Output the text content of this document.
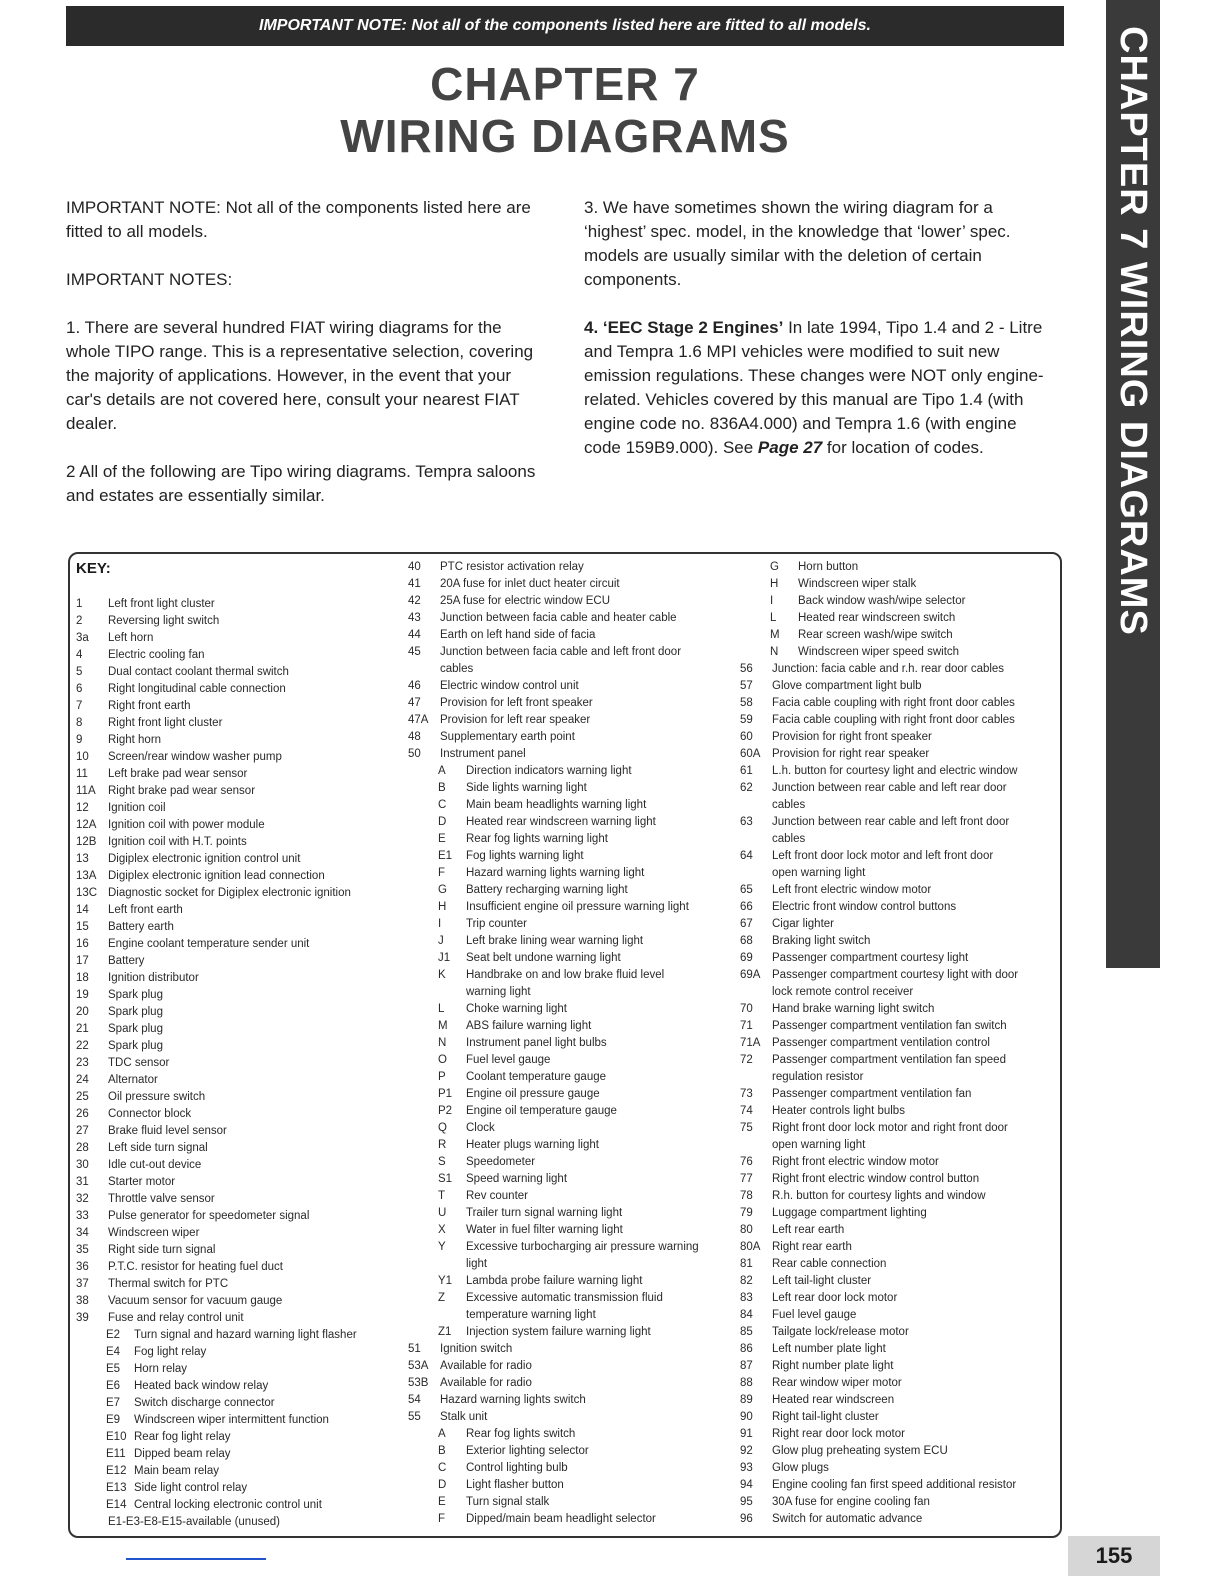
IMPORTANT NOTE: Not all of the components listed here are fitted to all models.
CHAPTER 7
WIRING DIAGRAMS	CHAPTER 7 WIRING DIAGRAMS

IMPORTANT NOTE: Not all of the components listed here are fitted to all models.

IMPORTANT NOTES:

1. There are several hundred FIAT wiring diagrams for the whole TIPO range. This is a representative selection, covering the majority of applications. However, in the event that your car's details are not covered here, consult your nearest FIAT dealer.

2 All of the following are Tipo wiring diagrams. Tempra saloons and estates are essentially similar.

3. We have sometimes shown the wiring diagram for a ‘highest’ spec. model, in the knowledge that ‘lower’ spec. models are usually similar with the deletion of certain components.

4. ‘EEC Stage 2 Engines’ In late 1994, Tipo 1.4 and 2 - Litre and Tempra 1.6 MPI vehicles were modified to suit new emission regulations. These changes were NOT only engine-related. Vehicles covered by this manual are Tipo 1.4 (with engine code no. 836A4.000) and Tempra 1.6 (with engine code 159B9.000). See Page 27 for location of codes.

KEY:
1	Left front light cluster
2	Reversing light switch
3a	Left horn
4	Electric cooling fan
5	Dual contact coolant thermal switch
6	Right longitudinal cable connection
7	Right front earth
8	Right front light cluster
9	Right horn
10	Screen/rear window washer pump
11	Left brake pad wear sensor
11A	Right brake pad wear sensor
12	Ignition coil
12A	Ignition coil with power module
12B	Ignition coil with H.T. points
13	Digiplex electronic ignition control unit
13A	Digiplex electronic ignition lead connection
13C Diagnostic socket for Digiplex electronic ignition
14	Left front earth
15	Battery earth
16	Engine coolant temperature sender unit
17	Battery
18	Ignition distributor
19	Spark plug
20	Spark plug
21	Spark plug
22	Spark plug
23	TDC sensor
24	Alternator
25	Oil pressure switch
26	Connector block
27	Brake fluid level sensor
28	Left side turn signal
30	Idle cut-out device
31	Starter motor
32	Throttle valve sensor
33	Pulse generator for speedometer signal
34	Windscreen wiper
35	Right side turn signal
36	P.T.C. resistor for heating fuel duct
37	Thermal switch for PTC
38	Vacuum sensor for vacuum gauge
39	Fuse and relay control unit
E2	Turn signal and hazard warning light flasher
E4	Fog light relay
E5	Horn relay
E6	Heated back window relay
E7	Switch discharge connector
E9	Windscreen wiper intermittent function
E10 Rear fog light relay
E11 Dipped beam relay
E12 Main beam relay
E13 Side light control relay
E14 Central locking electronic control unit
E1-E3-E8-E15-available (unused)
40	PTC resistor activation relay
41	20A fuse for inlet duct heater circuit
42	25A fuse for electric window ECU
43	Junction between facia cable and heater cable
44	Earth on left hand side of facia
45	Junction between facia cable and left front door
cables
46	Electric window control unit
47	Provision for left front speaker
47A	Provision for left rear speaker
48	Supplementary earth point
50	Instrument panel
A	Direction indicators warning light
B	Side lights warning light
C	Main beam headlights warning light
D	Heated rear windscreen warning light
E	Rear fog lights warning light
E1	Fog lights warning light
F	Hazard warning lights warning light
G	Battery recharging warning light
H	Insufficient engine oil pressure warning light
I	Trip counter
J	Left brake lining wear warning light
J1	Seat belt undone warning light
K	Handbrake on and low brake fluid level
warning light
L	Choke warning light
M	ABS failure warning light
N	Instrument panel light bulbs
O	Fuel level gauge
P	Coolant temperature gauge
P1	Engine oil pressure gauge
P2	Engine oil temperature gauge
Q	Clock
R	Heater plugs warning light
S	Speedometer
S1	Speed warning light
T	Rev counter
U	Trailer turn signal warning light
X	Water in fuel filter warning light
Y	Excessive turbocharging air pressure warning
light
Y1	Lambda probe failure warning light
Z	Excessive automatic transmission fluid
temperature warning light
Z1	Injection system failure warning light
51	Ignition switch
53A	Available for radio
53B	Available for radio
54	Hazard warning lights switch
55	Stalk unit
A	Rear fog lights switch
B	Exterior lighting selector
C	Control lighting bulb
D	Light flasher button
E	Turn signal stalk
F	Dipped/main beam headlight selector
G	Horn button
H	Windscreen wiper stalk
I	Back window wash/wipe selector
L	Heated rear windscreen switch
M	Rear screen wash/wipe switch
N	Windscreen wiper speed switch
56	Junction: facia cable and r.h. rear door cables
57	Glove compartment light bulb
58	Facia cable coupling with right front door cables
59	Facia cable coupling with right front door cables
60	Provision for right front speaker
60A	Provision for right rear speaker
61	L.h. button for courtesy light and electric window
62	Junction between rear cable and left rear door
cables
63	Junction between rear cable and left front door
cables
64	Left front door lock motor and left front door
open warning light
65	Left front electric window motor
66	Electric front window control buttons
67	Cigar lighter
68	Braking light switch
69	Passenger compartment courtesy light
69A	Passenger compartment courtesy light with door
lock remote control receiver
70	Hand brake warning light switch
71	Passenger compartment ventilation fan switch
71A	Passenger compartment ventilation control
72	Passenger compartment ventilation fan speed
regulation resistor
73	Passenger compartment ventilation fan
74	Heater controls light bulbs
75	Right front door lock motor and right front door
open warning light
76	Right front electric window motor
77	Right front electric window control button
78	R.h. button for courtesy lights and window
79	Luggage compartment lighting
80	Left rear earth
80A	Right rear earth
81	Rear cable connection
82	Left tail-light cluster
83	Left rear door lock motor
84	Fuel level gauge
85	Tailgate lock/release motor
86	Left number plate light
87	Right number plate light
88	Rear window wiper motor
89	Heated rear windscreen
90	Right tail-light cluster
91	Right rear door lock motor
92	Glow plug preheating system ECU
93	Glow plugs
94	Engine cooling fan first speed additional resistor
95	30A fuse for engine cooling fan
96	Switch for automatic advance
155
